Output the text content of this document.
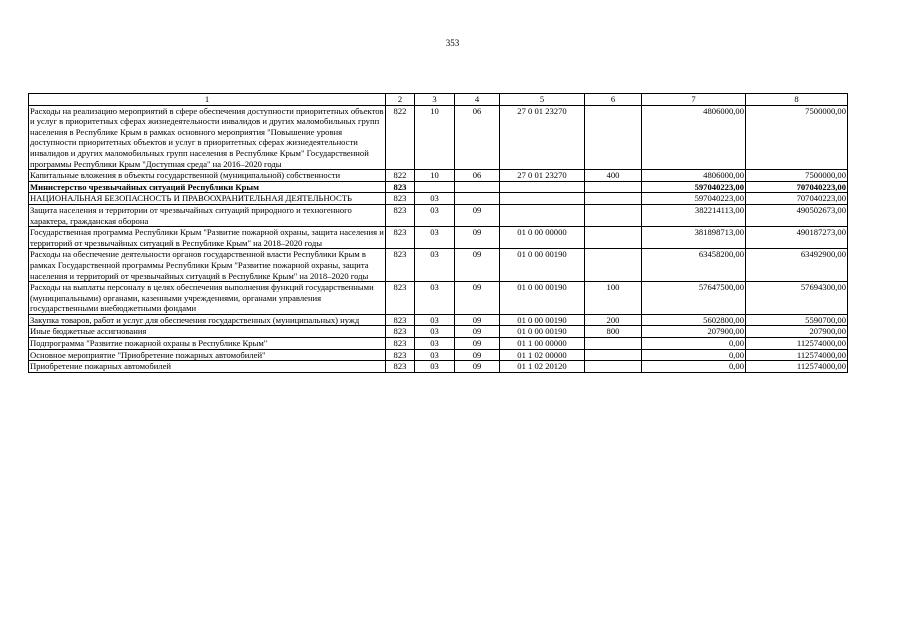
353
1	2	3	4	5	6	7	8
Расходы на реализацию мероприятий в сфере обеспечения доступности приоритетных объектов и услуг в приоритетных сферах жизнедеятельности инвалидов и других маломобильных групп населения в Республике Крым в рамках основного мероприятия "Повышение уровня доступности приоритетных объектов и услуг в приоритетных сферах жизнедеятельности инвалидов и других маломобильных групп населения в Республике Крым" Государственной программы Республики Крым "Доступная среда" на 2016–2020 годы	822	10	06	27 0 01 23270		4806000,00	7500000,00
Капитальные вложения в объекты государственной (муниципальной) собственности	822	10	06	27 0 01 23270	400	4806000,00	7500000,00
Министерство чрезвычайных ситуаций Республики Крым	823					597040223,00	707040223,00
НАЦИОНАЛЬНАЯ БЕЗОПАСНОСТЬ И ПРАВООХРАНИТЕЛЬНАЯ ДЕЯТЕЛЬНОСТЬ	823	03				597040223,00	707040223,00
Защита населения и территории от чрезвычайных ситуаций природного и техногенного характера, гражданская оборона	823	03	09			382214113,00	490502673,00
Государственная программа Республики Крым "Развитие пожарной охраны, защита населения и территорий от чрезвычайных ситуаций в Республике Крым" на 2018–2020 годы	823	03	09	01 0 00 00000		381898713,00	490187273,00
Расходы на обеспечение деятельности органов государственной власти Республики Крым в рамках Государственной программы Республики Крым "Развитие пожарной охраны, защита населения и территорий от чрезвычайных ситуаций в Республике Крым" на 2018–2020 годы	823	03	09	01 0 00 00190		63458200,00	63492900,00
Расходы на выплаты персоналу в целях обеспечения выполнения функций государственными (муниципальными) органами, казенными учреждениями, органами управления государственными внебюджетными фондами	823	03	09	01 0 00 00190	100	57647500,00	57694300,00
Закупка товаров, работ и услуг для обеспечения государственных (муниципальных) нужд	823	03	09	01 0 00 00190	200	5602800,00	5590700,00
Иные бюджетные ассигнования	823	03	09	01 0 00 00190	800	207900,00	207900,00
Подпрограмма "Развитие пожарной охраны в Республике Крым"	823	03	09	01 1 00 00000		0,00	112574000,00
Основное мероприятие "Приобретение пожарных автомобилей"	823	03	09	01 1 02 00000		0,00	112574000,00
Приобретение пожарных автомобилей	823	03	09	01 1 02 20120		0,00	112574000,00
